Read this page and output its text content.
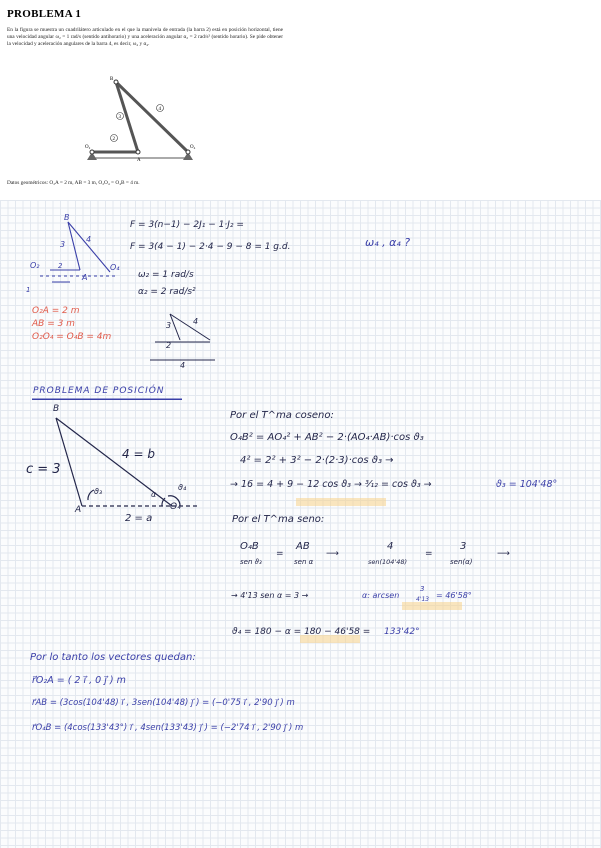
PROBLEMA 1
En la figura se muestra un cuadrilátero articulado en el que la manivela de entrada (la barra 2) está en posición horizontal, tiene una velocidad angular ω₂ = 1 rad/s (sentido antihorario) y una aceleración angular α₂ = 2 rad/s² (sentido horario). Se pide obtener la velocidad y aceleración angulares de la barra 4, es decir, ω₄ y α₄.
2
3
4
O₂	O₄
A
B
Datos geométricos: O₂A = 2 m, AB = 3 m, O₂O₄ = O₄B = 4 m.
B
3
4
O₂	O₄
A
2
1
3	4
2
4
F = 3(n−1) − 2J₁ − 1·J₂ =
F = 3(4 − 1) − 2·4 − 9 − 8 = 1 g.d.
ω₂ = 1 rad/s
α₂ = 2 rad/s²
ω₄ , α₄ ?
O₂A = 2 m
AB = 3 m
O₂O₄ = O₄B = 4m
PROBLEMA DE POSICIÓN
B
c = 3
4 = b
A
2 = a
O₄
ϑ₃	α
ϑ₄
Por el T^ma coseno:
O₄B² = AO₄² + AB² − 2·(AO₄·AB)·cos ϑ₃
4² = 2² + 3² − 2·(2·3)·cos ϑ₃ →
→ 16 = 4 + 9 − 12 cos ϑ₃ → ³⁄₁₂ = cos ϑ₃ →	ϑ₃ = 104'48°
Por el T^ma seno:
O₄B
sen ϑ₃
=
AB
sen α
⟶
4
sen(104'48)
=
3
sen(α)
⟶
→ 4'13 sen α = 3 →	α: arcsen
3
4'13 = 46'58°
ϑ₄ = 180 − α = 180 − 46'58 = 133'42°
Por lo tanto los vectores quedan:
r⃗O₂A = ( 2 i⃗ , 0 j⃗ ) m
r⃗AB = (3cos(104'48) i⃗ , 3sen(104'48) j⃗ ) = (−0'75 i⃗ , 2'90 j⃗ ) m
r⃗O₄B = (4cos(133'43°) i⃗ , 4sen(133'43) j⃗ ) = (−2'74 i⃗ , 2'90 j⃗ ) m
